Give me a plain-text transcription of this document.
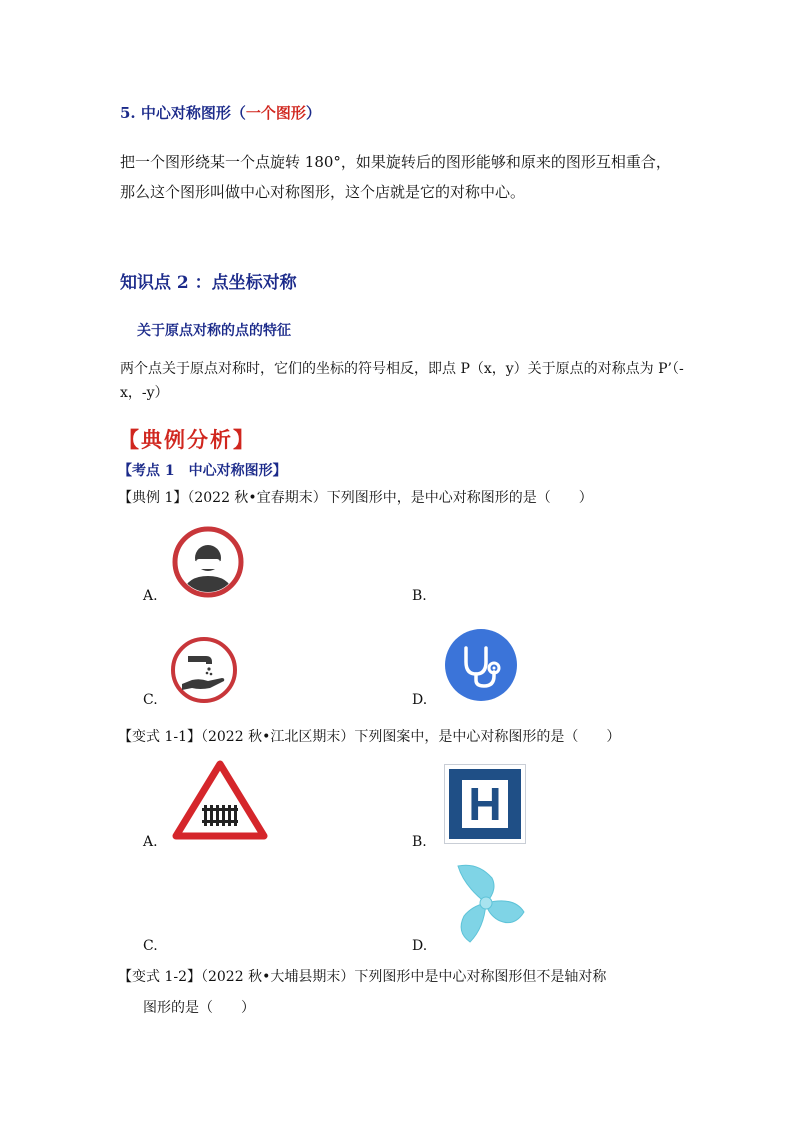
5. 中心对称图形（一个图形）
把一个图形绕某一个点旋转 180°，如果旋转后的图形能够和原来的图形互相重合，那么这个图形叫做中心对称图形，这个店就是它的对称中心。
知识点 2 ：点坐标对称
关于原点对称的点的特征
两个点关于原点对称时，它们的坐标的符号相反，即点 P（x，y）关于原点的对称点为 P’（-x，-y）
【典例分析】
【考点 1　中心对称图形】
【典例 1】（2022 秋•宜春期末）下列图形中，是中心对称图形的是（　　）
A.	B.
C.	D.
【变式 1-1】（2022 秋•江北区期末）下列图案中，是中心对称图形的是（　　）
A.
H
B.
C.	D.
【变式 1-2】（2022 秋•大埔县期末）下列图形中是中心对称图形但不是轴对称
图形的是（　　）
